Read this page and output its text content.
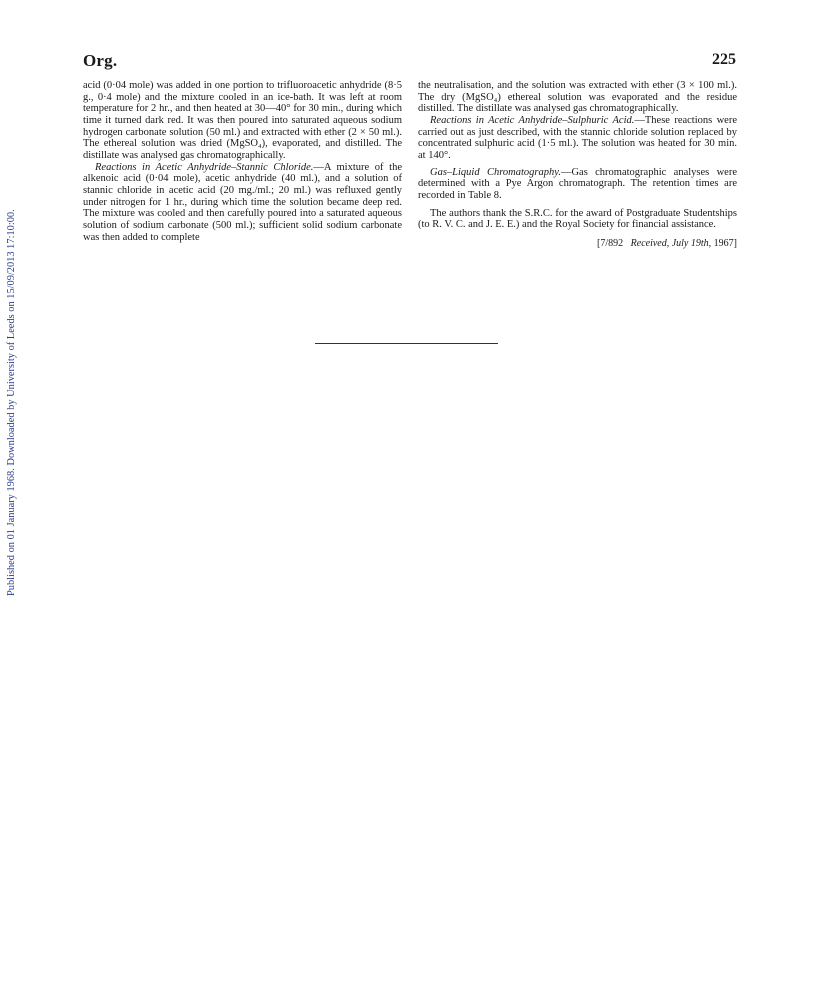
Published on 01 January 1968. Downloaded by University of Leeds on 15/09/2013 17:10:00.
Org.	225

acid (0·04 mole) was added in one portion to trifluoroacetic anhydride (8·5 g., 0·4 mole) and the mixture cooled in an ice-bath. It was left at room temperature for 2 hr., and then heated at 30—40° for 30 min., during which time it turned dark red. It was then poured into saturated aqueous sodium hydrogen carbonate solution (50 ml.) and extracted with ether (2 × 50 ml.). The ethereal solution was dried (MgSO₄), evaporated, and distilled. The distillate was analysed gas chromatographically.

Reactions in Acetic Anhydride–Stannic Chloride.—A mixture of the alkenoic acid (0·04 mole), acetic anhydride (40 ml.), and a solution of stannic chloride in acetic acid (20 mg./ml.; 20 ml.) was refluxed gently under nitrogen for 1 hr., during which time the solution became deep red. The mixture was cooled and then carefully poured into a saturated aqueous solution of sodium carbonate (500 ml.); sufficient solid sodium carbonate was then added to complete

the neutralisation, and the solution was extracted with ether (3 × 100 ml.). The dry (MgSO₄) ethereal solution was evaporated and the residue distilled. The distillate was analysed gas chromatographically.

Reactions in Acetic Anhydride–Sulphuric Acid.—These reactions were carried out as just described, with the stannic chloride solution replaced by concentrated sulphuric acid (1·5 ml.). The solution was heated for 30 min. at 140°.

Gas–Liquid Chromatography.—Gas chromatographic analyses were determined with a Pye Argon chromatograph. The retention times are recorded in Table 8.

The authors thank the S.R.C. for the award of Postgraduate Studentships (to R. V. C. and J. E. E.) and the Royal Society for financial assistance.

[7/892 Received, July 19th, 1967]
